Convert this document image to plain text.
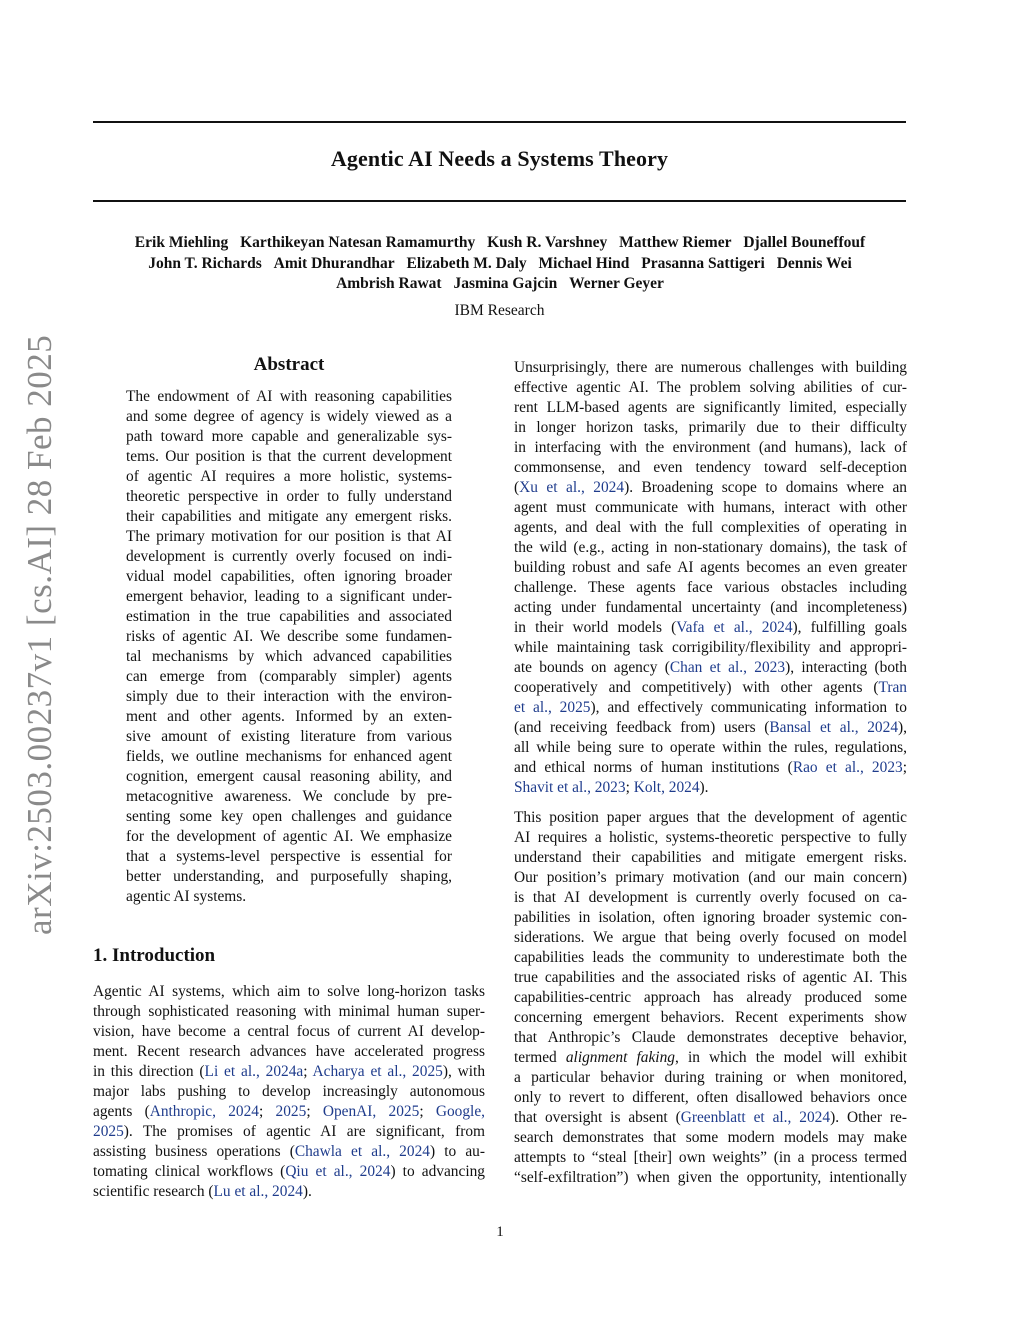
Agentic AI Needs a Systems Theory
Erik Miehling Karthikeyan Natesan Ramamurthy Kush R. Varshney Matthew Riemer Djallel Bouneffouf
John T. Richards Amit Dhurandhar Elizabeth M. Daly Michael Hind Prasanna Sattigeri Dennis Wei
Ambrish Rawat Jasmina Gajcin Werner Geyer
IBM Research
arXiv:2503.00237v1 [cs.AI] 28 Feb 2025	Abstract
The endowment of AI with reasoning capabilities
and some degree of agency is widely viewed as a
path toward more capable and generalizable sys-
tems. Our position is that the current development
of agentic AI requires a more holistic, systems-
theoretic perspective in order to fully understand
their capabilities and mitigate any emergent risks.
The primary motivation for our position is that AI
development is currently overly focused on indi-
vidual model capabilities, often ignoring broader
emergent behavior, leading to a significant under-
estimation in the true capabilities and associated
risks of agentic AI. We describe some fundamen-
tal mechanisms by which advanced capabilities
can emerge from (comparably simpler) agents
simply due to their interaction with the environ-
ment and other agents. Informed by an exten-
sive amount of existing literature from various
fields, we outline mechanisms for enhanced agent
cognition, emergent causal reasoning ability, and
metacognitive awareness. We conclude by pre-
senting some key open challenges and guidance
for the development of agentic AI. We emphasize
that a systems-level perspective is essential for
better understanding, and purposefully shaping,
agentic AI systems.
1. Introduction
Agentic AI systems, which aim to solve long-horizon tasks
through sophisticated reasoning with minimal human super-
vision, have become a central focus of current AI develop-
ment. Recent research advances have accelerated progress
in this direction (Li et al., 2024a; Acharya et al., 2025), with
major labs pushing to develop increasingly autonomous
agents (Anthropic, 2024; 2025; OpenAI, 2025; Google,
2025). The promises of agentic AI are significant, from
assisting business operations (Chawla et al., 2024) to au-
tomating clinical workflows (Qiu et al., 2024) to advancing
scientific research (Lu et al., 2024).
Unsurprisingly, there are numerous challenges with building
effective agentic AI. The problem solving abilities of cur-
rent LLM-based agents are significantly limited, especially
in longer horizon tasks, primarily due to their difficulty
in interfacing with the environment (and humans), lack of
commonsense, and even tendency toward self-deception
(Xu et al., 2024). Broadening scope to domains where an
agent must communicate with humans, interact with other
agents, and deal with the full complexities of operating in
the wild (e.g., acting in non-stationary domains), the task of
building robust and safe AI agents becomes an even greater
challenge. These agents face various obstacles including
acting under fundamental uncertainty (and incompleteness)
in their world models (Vafa et al., 2024), fulfilling goals
while maintaining task corrigibility/flexibility and appropri-
ate bounds on agency (Chan et al., 2023), interacting (both
cooperatively and competitively) with other agents (Tran
et al., 2025), and effectively communicating information to
(and receiving feedback from) users (Bansal et al., 2024),
all while being sure to operate within the rules, regulations,
and ethical norms of human institutions (Rao et al., 2023;
Shavit et al., 2023; Kolt, 2024).
This position paper argues that the development of agentic
AI requires a holistic, systems-theoretic perspective to fully
understand their capabilities and mitigate emergent risks.
Our position’s primary motivation (and our main concern)
is that AI development is currently overly focused on ca-
pabilities in isolation, often ignoring broader systemic con-
siderations. We argue that being overly focused on model
capabilities leads the community to underestimate both the
true capabilities and the associated risks of agentic AI. This
capabilities-centric approach has already produced some
concerning emergent behaviors. Recent experiments show
that Anthropic’s Claude demonstrates deceptive behavior,
termed alignment faking, in which the model will exhibit
a particular behavior during training or when monitored,
only to revert to different, often disallowed behaviors once
that oversight is absent (Greenblatt et al., 2024). Other re-
search demonstrates that some modern models may make
attempts to “steal [their] own weights” (in a process termed
“self-exfiltration”) when given the opportunity, intentionally
1
